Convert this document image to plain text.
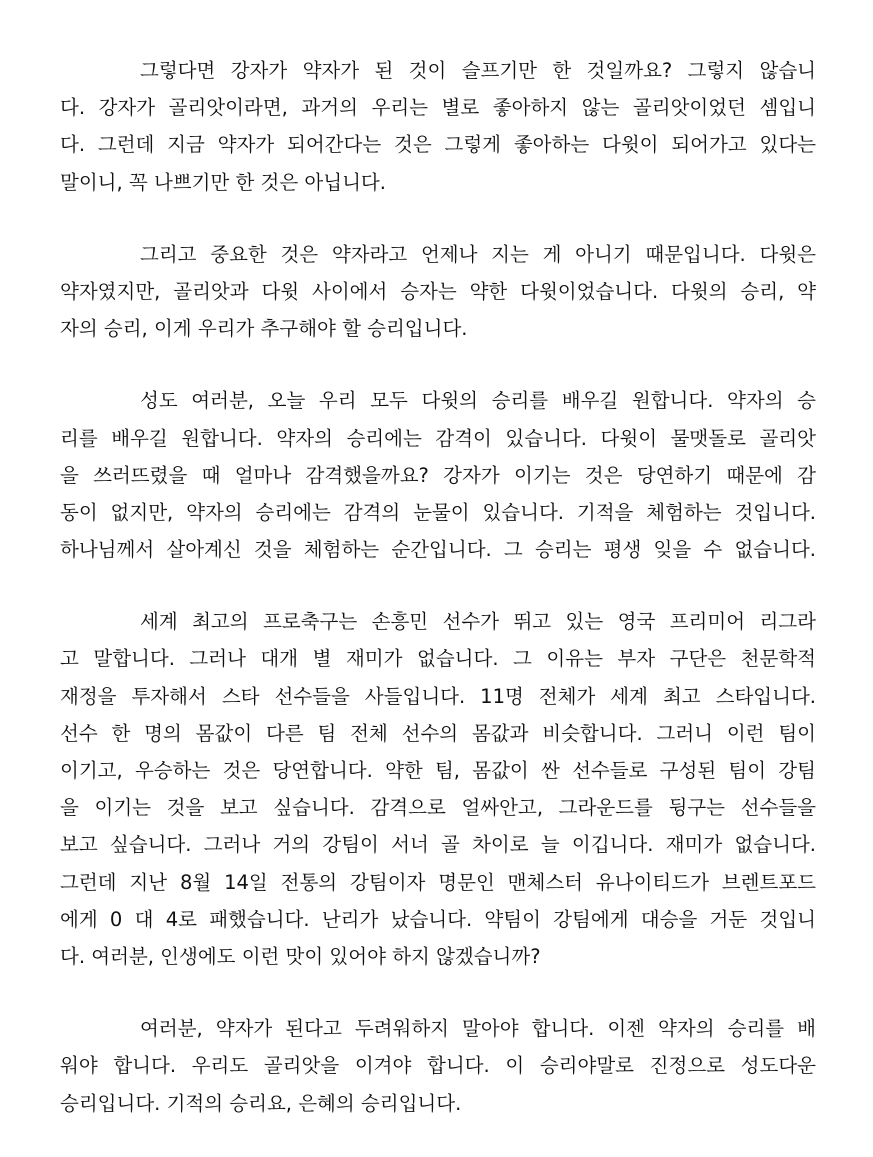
그렇다면 강자가 약자가 된 것이 슬프기만 한 것일까요? 그렇지 않습니
다. 강자가 골리앗이라면, 과거의 우리는 별로 좋아하지 않는 골리앗이었던 셈입니
다. 그런데 지금 약자가 되어간다는 것은 그렇게 좋아하는 다윗이 되어가고 있다는
말이니, 꼭 나쁘기만 한 것은 아닙니다.
그리고 중요한 것은 약자라고 언제나 지는 게 아니기 때문입니다. 다윗은
약자였지만, 골리앗과 다윗 사이에서 승자는 약한 다윗이었습니다. 다윗의 승리, 약
자의 승리, 이게 우리가 추구해야 할 승리입니다.
성도 여러분, 오늘 우리 모두 다윗의 승리를 배우길 원합니다. 약자의 승
리를 배우길 원합니다. 약자의 승리에는 감격이 있습니다. 다윗이 물맷돌로 골리앗
을 쓰러뜨렸을 때 얼마나 감격했을까요? 강자가 이기는 것은 당연하기 때문에 감
동이 없지만, 약자의 승리에는 감격의 눈물이 있습니다. 기적을 체험하는 것입니다.
하나님께서 살아계신 것을 체험하는 순간입니다. 그 승리는 평생 잊을 수 없습니다.
세계 최고의 프로축구는 손흥민 선수가 뛰고 있는 영국 프리미어 리그라
고 말합니다. 그러나 대개 별 재미가 없습니다. 그 이유는 부자 구단은 천문학적
재정을 투자해서 스타 선수들을 사들입니다. 11명 전체가 세계 최고 스타입니다.
선수 한 명의 몸값이 다른 팀 전체 선수의 몸값과 비슷합니다. 그러니 이런 팀이
이기고, 우승하는 것은 당연합니다. 약한 팀, 몸값이 싼 선수들로 구성된 팀이 강팀
을 이기는 것을 보고 싶습니다. 감격으로 얼싸안고, 그라운드를 뒹구는 선수들을
보고 싶습니다. 그러나 거의 강팀이 서너 골 차이로 늘 이깁니다. 재미가 없습니다.
그런데 지난 8월 14일 전통의 강팀이자 명문인 맨체스터 유나이티드가 브렌트포드
에게 0 대 4로 패했습니다. 난리가 났습니다. 약팀이 강팀에게 대승을 거둔 것입니
다. 여러분, 인생에도 이런 맛이 있어야 하지 않겠습니까?
여러분, 약자가 된다고 두려워하지 말아야 합니다. 이젠 약자의 승리를 배
워야 합니다. 우리도 골리앗을 이겨야 합니다. 이 승리야말로 진정으로 성도다운
승리입니다. 기적의 승리요, 은혜의 승리입니다.
